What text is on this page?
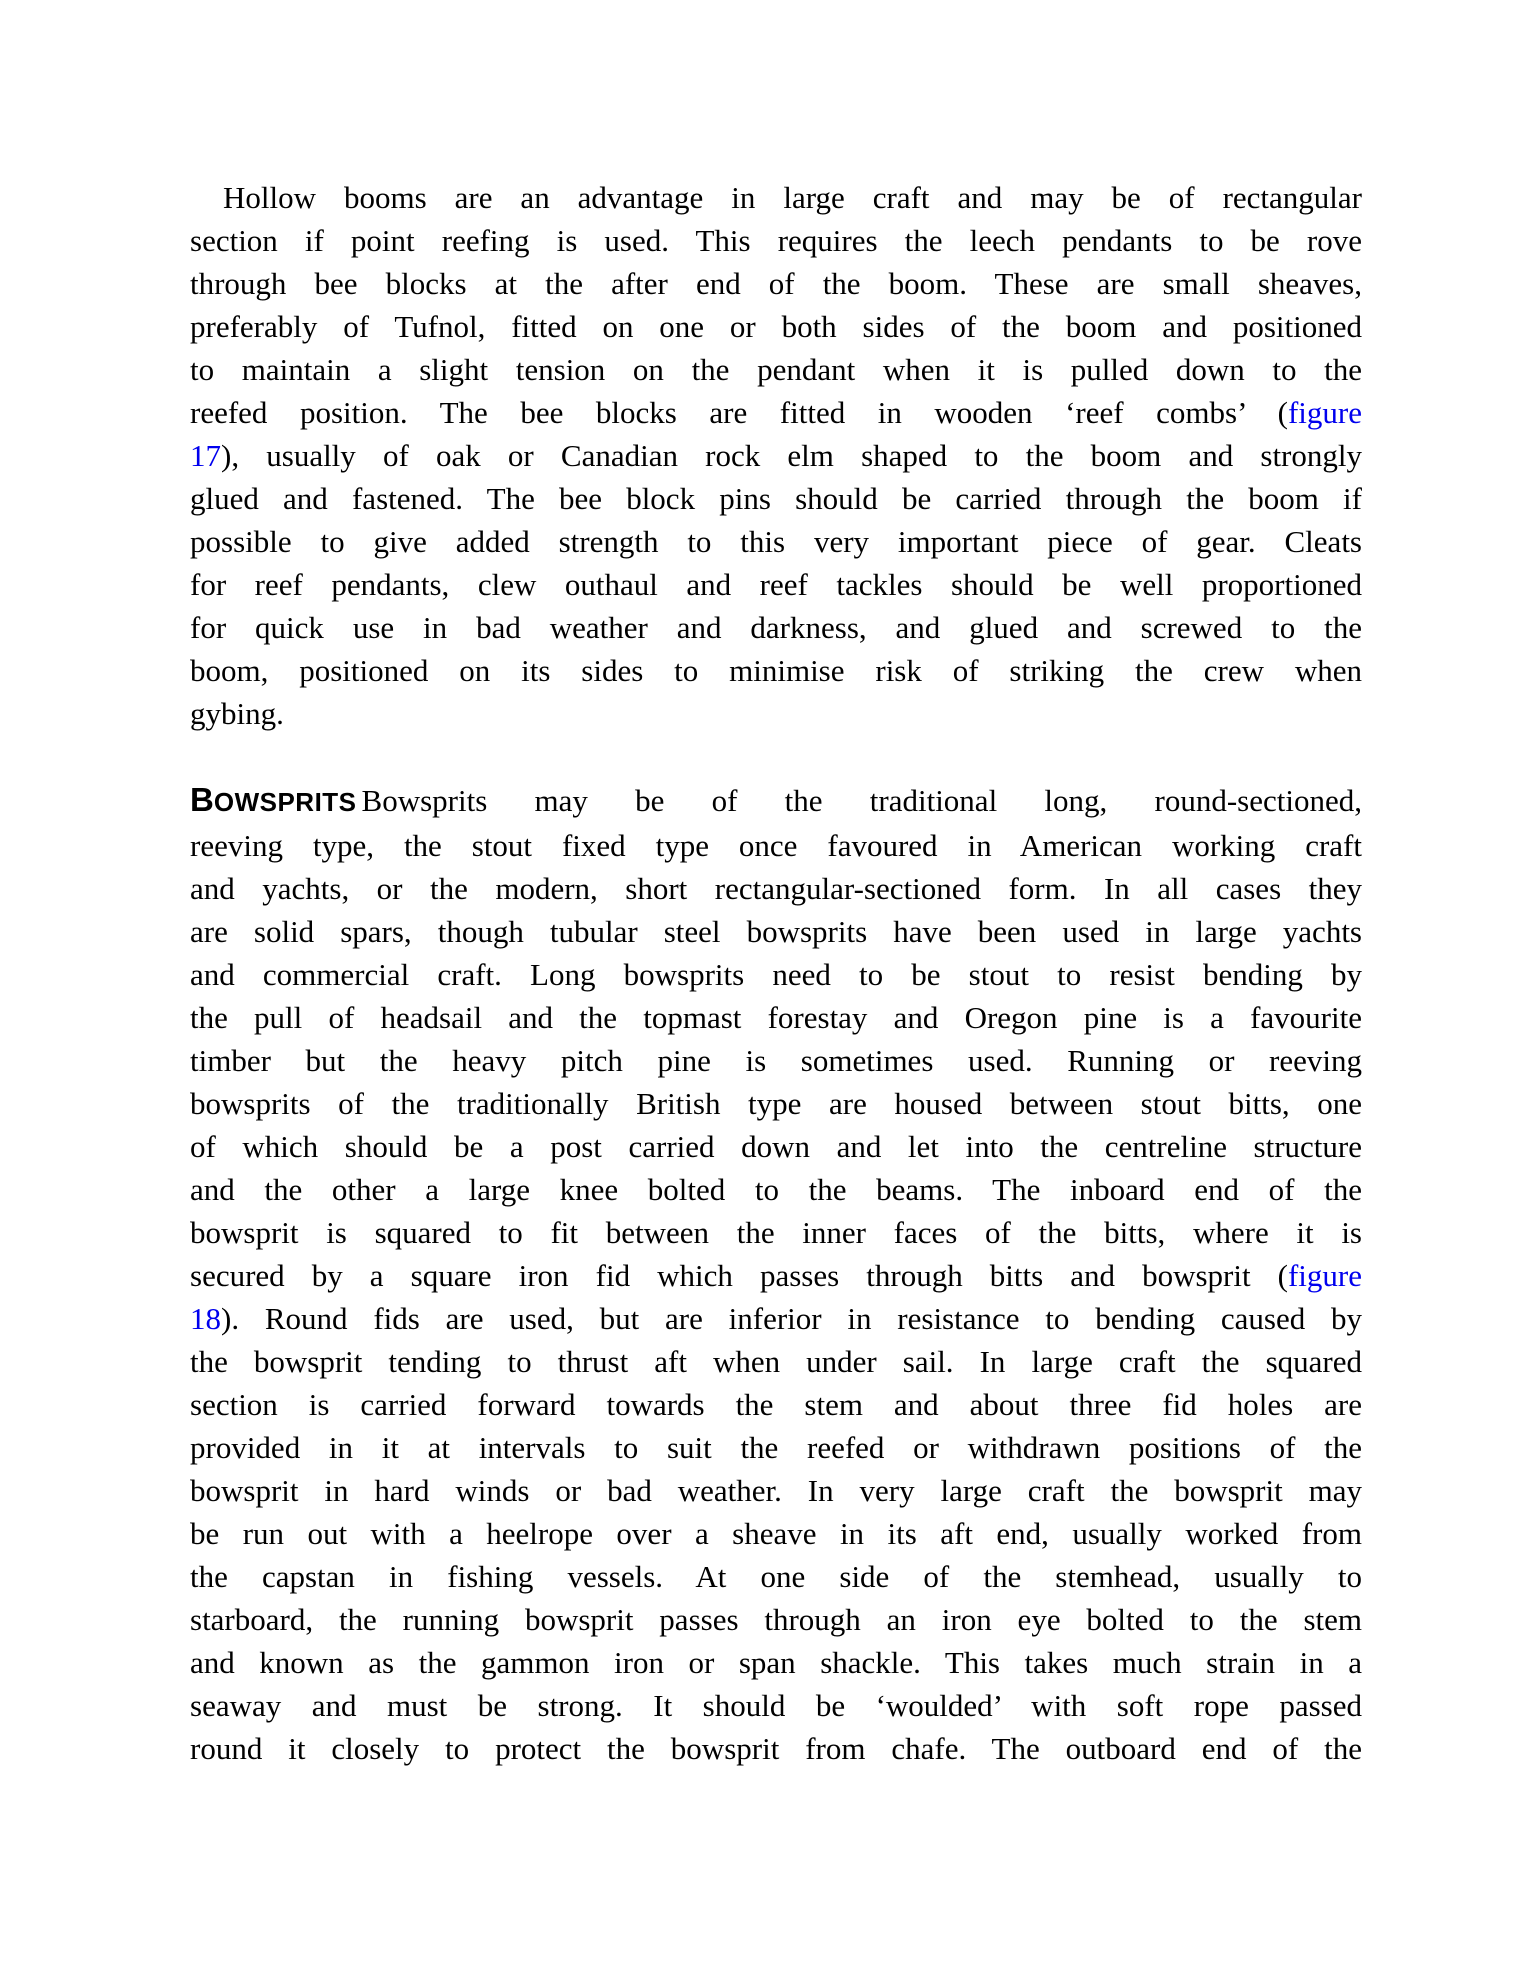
Hollow booms are an advantage in large craft and may be of rectangular
section if point reefing is used. This requires the leech pendants to be rove
through bee blocks at the after end of the boom. These are small sheaves,
preferably of Tufnol, fitted on one or both sides of the boom and positioned
to maintain a slight tension on the pendant when it is pulled down to the
reefed position. The bee blocks are fitted in wooden ‘reef combs’ (figure
17), usually of oak or Canadian rock elm shaped to the boom and strongly
glued and fastened. The bee block pins should be carried through the boom if
possible to give added strength to this very important piece of gear. Cleats
for reef pendants, clew outhaul and reef tackles should be well proportioned
for quick use in bad weather and darkness, and glued and screwed to the
boom, positioned on its sides to minimise risk of striking the crew when
gybing.
BOWSPRITS Bowsprits may be of the traditional long, round-sectioned,
reeving type, the stout fixed type once favoured in American working craft
and yachts, or the modern, short rectangular-sectioned form. In all cases they
are solid spars, though tubular steel bowsprits have been used in large yachts
and commercial craft. Long bowsprits need to be stout to resist bending by
the pull of headsail and the topmast forestay and Oregon pine is a favourite
timber but the heavy pitch pine is sometimes used. Running or reeving
bowsprits of the traditionally British type are housed between stout bitts, one
of which should be a post carried down and let into the centreline structure
and the other a large knee bolted to the beams. The inboard end of the
bowsprit is squared to fit between the inner faces of the bitts, where it is
secured by a square iron fid which passes through bitts and bowsprit (figure
18). Round fids are used, but are inferior in resistance to bending caused by
the bowsprit tending to thrust aft when under sail. In large craft the squared
section is carried forward towards the stem and about three fid holes are
provided in it at intervals to suit the reefed or withdrawn positions of the
bowsprit in hard winds or bad weather. In very large craft the bowsprit may
be run out with a heelrope over a sheave in its aft end, usually worked from
the capstan in fishing vessels. At one side of the stemhead, usually to
starboard, the running bowsprit passes through an iron eye bolted to the stem
and known as the gammon iron or span shackle. This takes much strain in a
seaway and must be strong. It should be ‘woulded’ with soft rope passed
round it closely to protect the bowsprit from chafe. The outboard end of the
